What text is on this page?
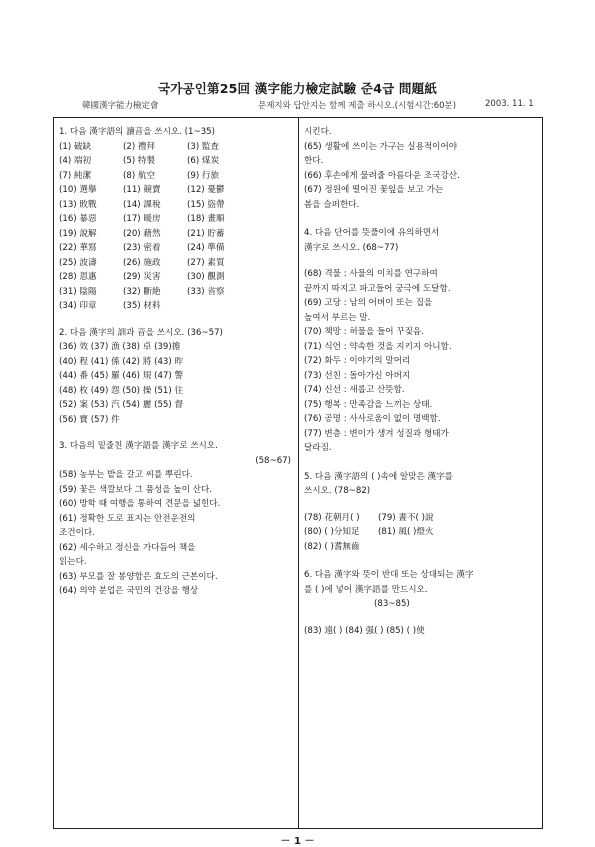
국가공인第25回 漢字能力檢定試驗 준4급 問題紙
韓國漢字能力檢定會	문제지와 답안지는 함께 제출 하시오.(시험시간:60분)	2003. 11. 1
1. 다음 漢字語의 讀音을 쓰시오. (1~35)
(1) 破缺	(2) 禮拜	(3) 監査
(4) 端初	(5) 特製	(6) 煤炭
(7) 純潔	(8) 航空	(9) 行旅
(10) 選擧	(11) 競賣	(12) 憂鬱
(13) 敗戰	(14) 課稅	(15) 盜帶
(16) 暴惡	(17) 暖房	(18) 畫順
(19) 說解	(20) 藉然	(21) 貯蓄
(22) 華寫	(23) 密着	(24) 準備
(25) 波濤	(26) 施政	(27) 素質
(28) 恩惠	(29) 災害	(30) 觀測
(31) 陰陽	(32) 斷絶	(33) 省察
(34) 印章	(35) 材料
2. 다음 漢字의 訓과 音을 쓰시오. (36~57)
(36) 效 (37) 漁 (38) 卓 (39)擔
(40) 程 (41) 係 (42) 將 (43) 昨
(44) 番 (45) 羅 (46) 規 (47) 警
(48) 枚 (49) 怨 (50) 操 (51) 往
(52) 案 (53) 汽 (54) 麗 (55) 督
(56) 寶 (57) 件
3. 다음의 밑줄친 漢字語를 漢字로 쓰시오.
(58~67)
(58) 농부는 밭을 갈고 씨를 뿌린다.
(59) 꽃은 색깔보다 그 품성을 높이 산다.
(60) 방학 때 여행을 통하여 견문을 넓힌다.
(61) 정확한 도로 표지는 안전운전의
조건이다.
(62) 세수하고 정신을 가다듬어 책을
읽는다.
(63) 부모를 잘 봉양함은 효도의 근본이다.
(64) 의약 분업은 국민의 건강을 행상
시킨다.
(65) 생활에 쓰이는 가구는 실용적이어야
한다.
(66) 후손에게 물려줄 아름다운 조국강산.
(67) 정원에 떨어진 꽃잎을 보고 가는
봄을 슬퍼한다.
4. 다음 단어를 뜻풀이에 유의하면서
漢字로 쓰시오. (68~77)
(68) 격물 : 사물의 이치를 연구하여
끝까지 따지고 파고들어 궁극에 도달함.
(69) 고당 : 남의 어버이 또는 집을
높여서 부르는 말.
(70) 책망 : 허물을 들어 꾸짖음.
(71) 식언 : 약속한 것을 지키지 아니함.
(72) 화두 : 이야기의 말머리
(73) 선친 : 돌아가신 아버지
(74) 신선 : 새롭고 산뜻함.
(75) 행복 : 만족감을 느끼는 상태.
(76) 공명 : 사사로움이 없이 명백함.
(77) 변층 : 변이가 생겨 성질과 형태가
달라짐.
5. 다음 漢字語의 ( )속에 알맞은 漢字를
쓰시오. (78~82)
(78) 花朝月( ) (79) 晝不( )說
(80) ( )分知足 (81) 風( )燈火
(82) ( )耆無齒
6. 다음 漢字와 뜻이 반대 또는 상대되는 漢字
를 ( )에 넣어 漢字語를 만드시오.
(83~85)
(83) 遠( ) (84) 强( ) (85) ( )使
－ 1 －
